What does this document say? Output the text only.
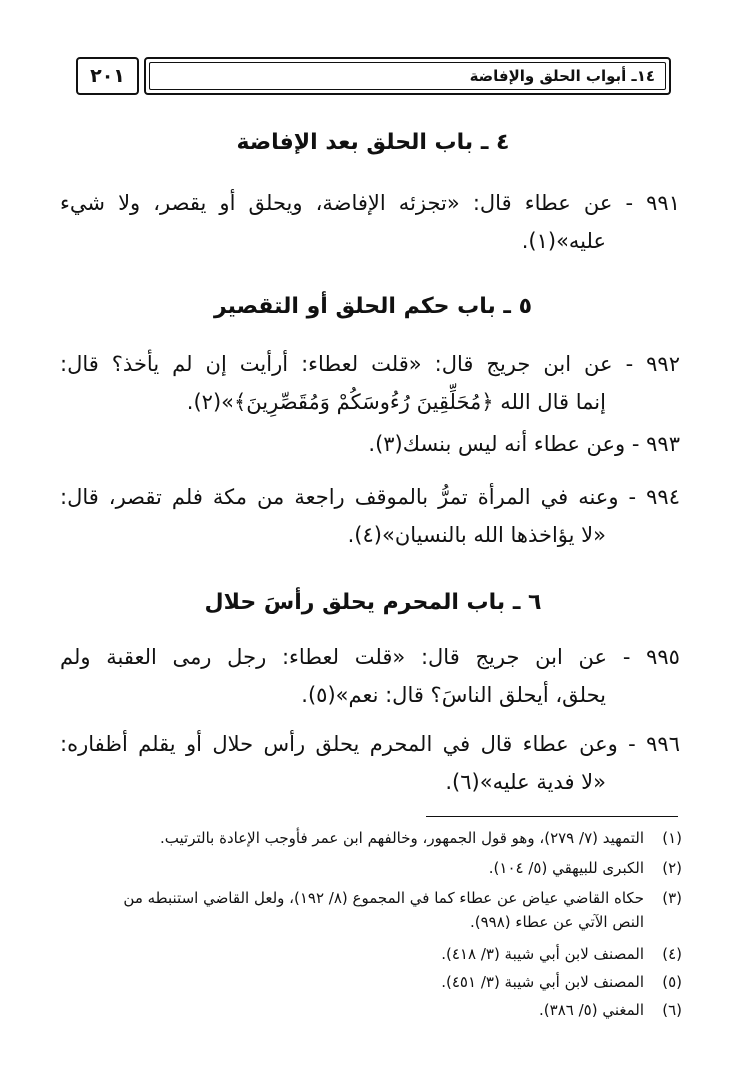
٢٠١	١٤ـ أبواب الحلق والإفاضة
٤ ـ باب الحلق بعد الإفاضة
٩٩١ - عن عطاء قال: «تجزئه الإفاضة، ويحلق أو يقصر، ولا شيء
عليه»(١).
٥ ـ باب حكم الحلق أو التقصير
٩٩٢ - عن ابن جريج قال: «قلت لعطاء: أرأيت إن لم يأخذ؟ قال:
إنما قال الله ﴿مُحَلِّقِينَ رُءُوسَكُمْ وَمُقَصِّرِينَ﴾»(٢).
٩٩٣ - وعن عطاء أنه ليس بنسك(٣).
٩٩٤ - وعنه في المرأة تمرُّ بالموقف راجعة من مكة فلم تقصر، قال:
«لا يؤاخذها الله بالنسيان»(٤).
٦ ـ باب المحرم يحلق رأسَ حلال
٩٩٥ - عن ابن جريج قال: «قلت لعطاء: رجل رمى العقبة ولم
يحلق، أيحلق الناسَ؟ قال: نعم»(٥).
٩٩٦ - وعن عطاء قال في المحرم يحلق رأس حلال أو يقلم أظفاره:
«لا فدية عليه»(٦).
(١)التمهيد (٧/ ٢٧٩)، وهو قول الجمهور، وخالفهم ابن عمر فأوجب الإعادة بالترتيب.
(٢)الكبرى للبيهقي (٥/ ١٠٤).
(٣)حكاه القاضي عياض عن عطاء كما في المجموع (٨/ ١٩٢)، ولعل القاضي استنبطه من
النص الآتي عن عطاء (٩٩٨).
(٤)المصنف لابن أبي شيبة (٣/ ٤١٨).
(٥)المصنف لابن أبي شيبة (٣/ ٤٥١).
(٦)المغني (٥/ ٣٨٦).
